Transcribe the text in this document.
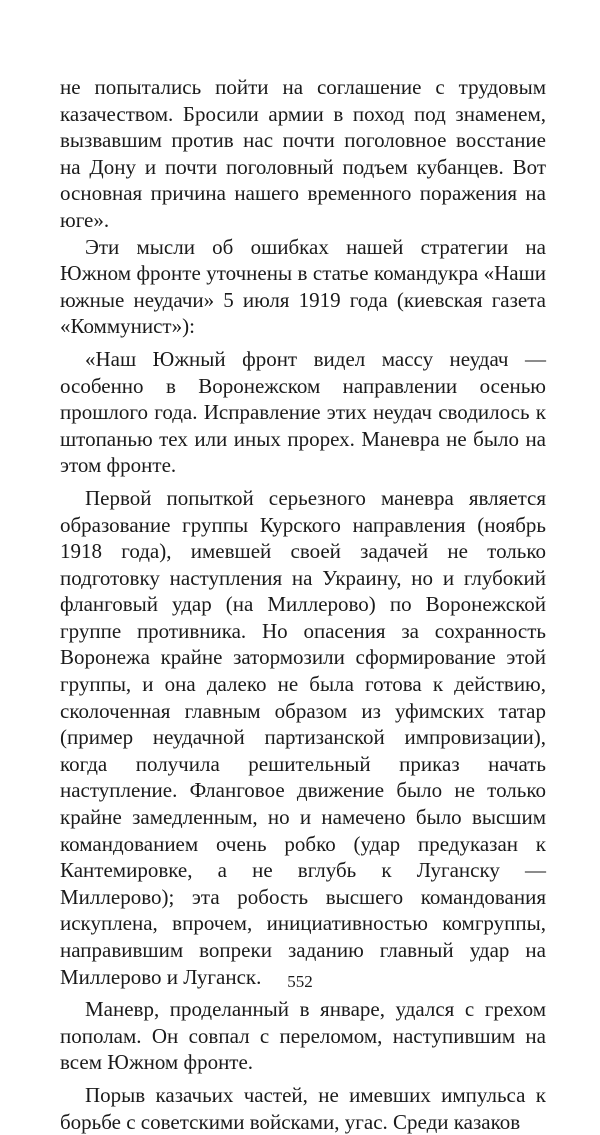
не попытались пойти на соглашение с трудовым казачеством. Бросили армии в поход под знаменем, вызвавшим против нас почти поголовное восстание на Дону и почти поголовный подъем кубанцев. Вот основная причина нашего временного поражения на юге».

Эти мысли об ошибках нашей стратегии на Южном фронте уточнены в статье командукра «Наши южные неудачи» 5 июля 1919 года (киевская газета «Коммунист»):

«Наш Южный фронт видел массу неудач — особенно в Воронежском направлении осенью прошлого года. Исправление этих неудач сводилось к штопанью тех или иных прорех. Маневра не было на этом фронте.

Первой попыткой серьезного маневра является образование группы Курского направления (ноябрь 1918 года), имевшей своей задачей не только подготовку наступления на Украину, но и глубокий фланговый удар (на Миллерово) по Воронежской группе противника. Но опасения за сохранность Воронежа крайне затормозили сформирование этой группы, и она далеко не была готова к действию, сколоченная главным образом из уфимских татар (пример неудачной партизанской импровизации), когда получила решительный приказ начать наступление. Фланговое движение было не только крайне замедленным, но и намечено было высшим командованием очень робко (удар предуказан к Кантемировке, а не вглубь к Луганску — Миллерово); эта робость высшего командования искуплена, впрочем, инициативностью комгруппы, направившим вопреки заданию главный удар на Миллерово и Луганск.

Маневр, проделанный в январе, удался с грехом пополам. Он совпал с переломом, наступившим на всем Южном фронте.

Порыв казачьих частей, не имевших импульса к борьбе с советскими войсками, угас. Среди казаков

552
